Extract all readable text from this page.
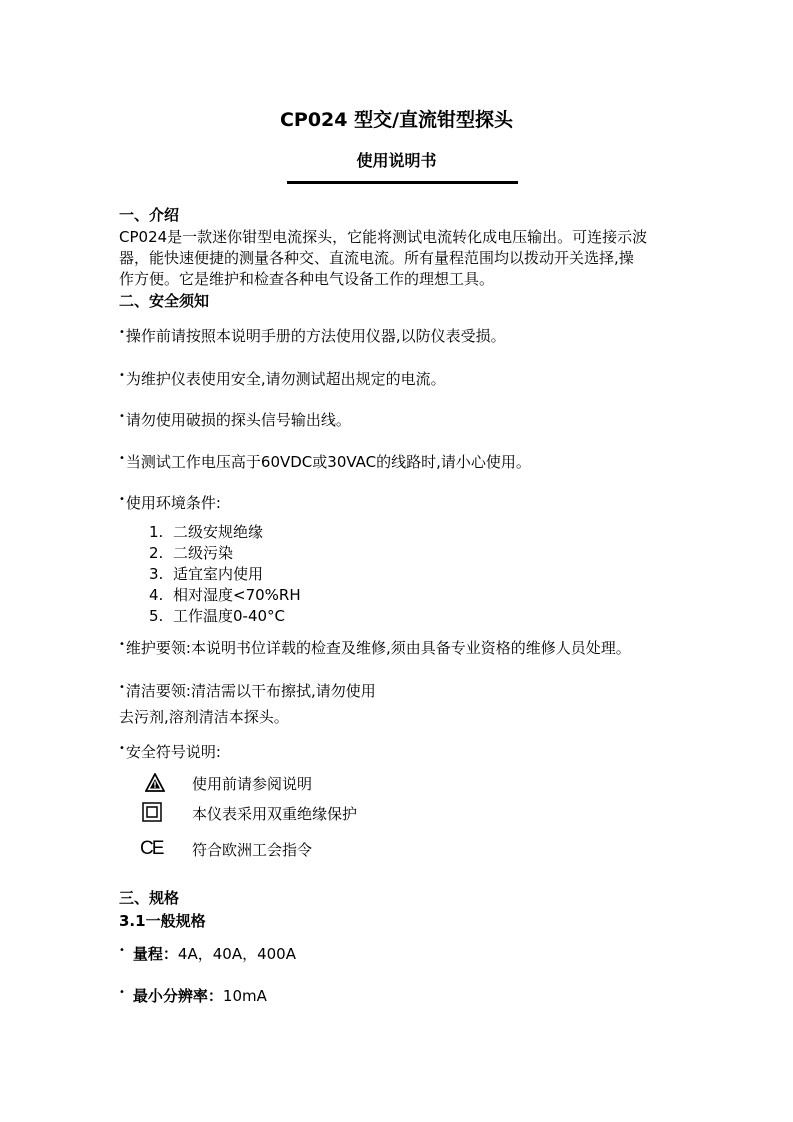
CP024 型交/直流钳型探头
使用说明书
一、介绍
CP024是一款迷你钳型电流探头，它能将测试电流转化成电压输出。可连接示波
器，能快速便捷的测量各种交、直流电流。所有量程范围均以拨动开关选择,操
作方便。它是维护和检查各种电气设备工作的理想工具。
二、安全须知
•操作前请按照本说明手册的方法使用仪器,以防仪表受损。
•为维护仪表使用安全,请勿测试超出规定的电流。
•请勿使用破损的探头信号输出线。
•当测试工作电压高于60VDC或30VAC的线路时,请小心使用。
•使用环境条件:
1. 二级安规绝缘
2. 二级污染
3. 适宜室内使用
4. 相对湿度<70%RH
5. 工作温度0-40°C
•维护要领:本说明书位详载的检查及维修,须由具备专业资格的维修人员处理。
•清洁要领:清洁需以干布擦拭,请勿使用
去污剂,溶剂清洁本探头。
•安全符号说明:
使用前请参阅说明
本仪表采用双重绝缘保护
CE 符合欧洲工会指令
三、规格
3.1一般规格
• 量程：4A，40A，400A
• 最小分辨率：10mA
